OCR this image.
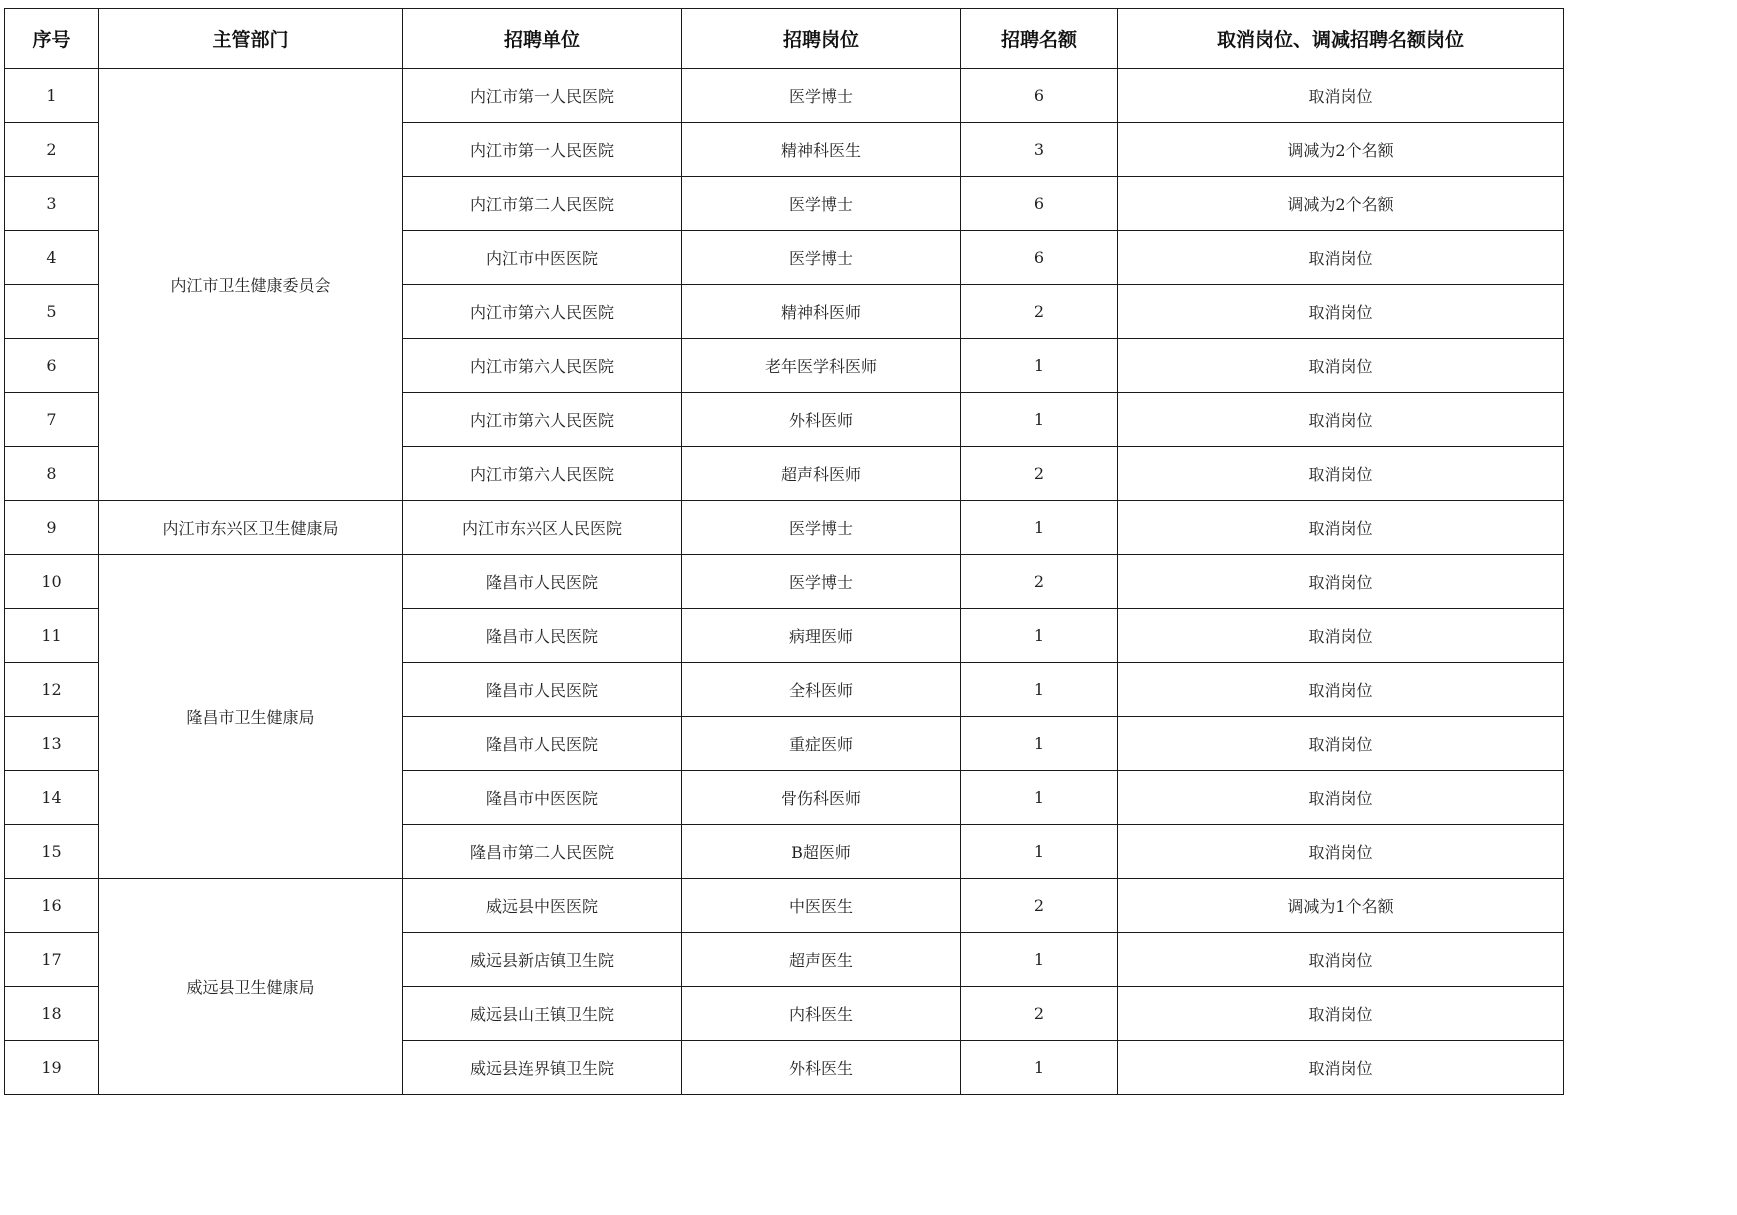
序号	主管部门	招聘单位	招聘岗位	招聘名额	取消岗位、调减招聘名额岗位
1	内江市卫生健康委员会	内江市第一人民医院	医学博士	6	取消岗位
2		内江市第一人民医院	精神科医生	3	调减为2个名额
3		内江市第二人民医院	医学博士	6	调减为2个名额
4		内江市中医医院	医学博士	6	取消岗位
5		内江市第六人民医院	精神科医师	2	取消岗位
6		内江市第六人民医院	老年医学科医师	1	取消岗位
7		内江市第六人民医院	外科医师	1	取消岗位
8		内江市第六人民医院	超声科医师	2	取消岗位
9	内江市东兴区卫生健康局	内江市东兴区人民医院	医学博士	1	取消岗位
10	隆昌市卫生健康局	隆昌市人民医院	医学博士	2	取消岗位
11		隆昌市人民医院	病理医师	1	取消岗位
12		隆昌市人民医院	全科医师	1	取消岗位
13		隆昌市人民医院	重症医师	1	取消岗位
14		隆昌市中医医院	骨伤科医师	1	取消岗位
15		隆昌市第二人民医院	B超医师	1	取消岗位
16	威远县卫生健康局	威远县中医医院	中医医生	2	调减为1个名额
17		威远县新店镇卫生院	超声医生	1	取消岗位
18		威远县山王镇卫生院	内科医生	2	取消岗位
19		威远县连界镇卫生院	外科医生	1	取消岗位
